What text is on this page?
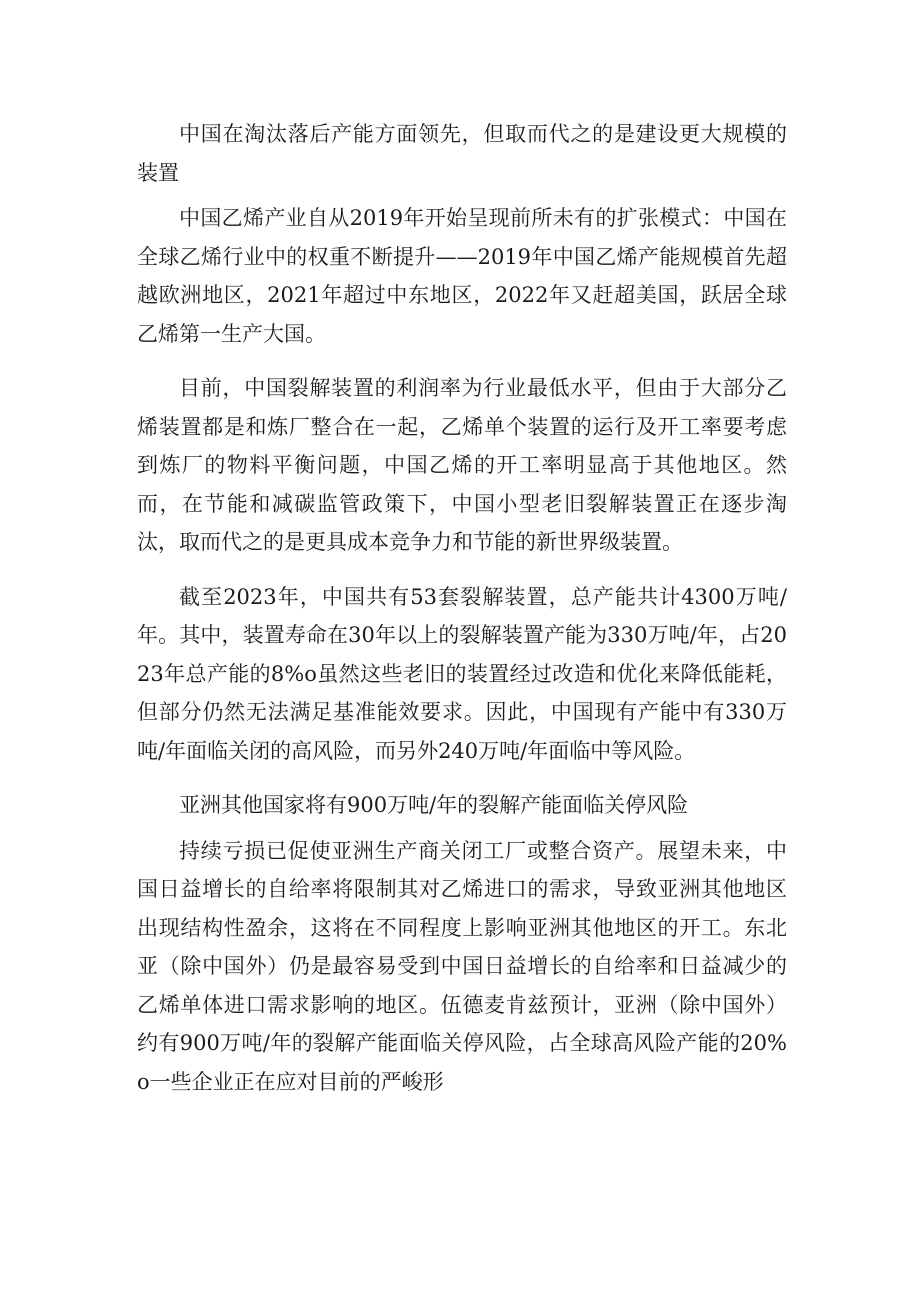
中国在淘汰落后产能方面领先，但取而代之的是建设更大规模的装置

中国乙烯产业自从2019年开始呈现前所未有的扩张模式：中国在全球乙烯行业中的权重不断提升——2019年中国乙烯产能规模首先超越欧洲地区，2021年超过中东地区，2022年又赶超美国，跃居全球乙烯第一生产大国。

目前，中国裂解装置的利润率为行业最低水平，但由于大部分乙烯装置都是和炼厂整合在一起，乙烯单个装置的运行及开工率要考虑到炼厂的物料平衡问题，中国乙烯的开工率明显高于其他地区。然而，在节能和减碳监管政策下，中国小型老旧裂解装置正在逐步淘汰，取而代之的是更具成本竞争力和节能的新世界级装置。

截至2023年，中国共有53套裂解装置，总产能共计4300万吨/年。其中，装置寿命在30年以上的裂解装置产能为330万吨/年，占2023年总产能的8%o虽然这些老旧的装置经过改造和优化来降低能耗，但部分仍然无法满足基准能效要求。因此，中国现有产能中有330万吨/年面临关闭的高风险，而另外240万吨/年面临中等风险。

亚洲其他国家将有900万吨/年的裂解产能面临关停风险

持续亏损已促使亚洲生产商关闭工厂或整合资产。展望未来，中国日益增长的自给率将限制其对乙烯进口的需求，导致亚洲其他地区出现结构性盈余，这将在不同程度上影响亚洲其他地区的开工。东北亚（除中国外）仍是最容易受到中国日益增长的自给率和日益减少的乙烯单体进口需求影响的地区。伍德麦肯兹预计，亚洲（除中国外）约有900万吨/年的裂解产能面临关停风险，占全球高风险产能的20%o一些企业正在应对目前的严峻形
